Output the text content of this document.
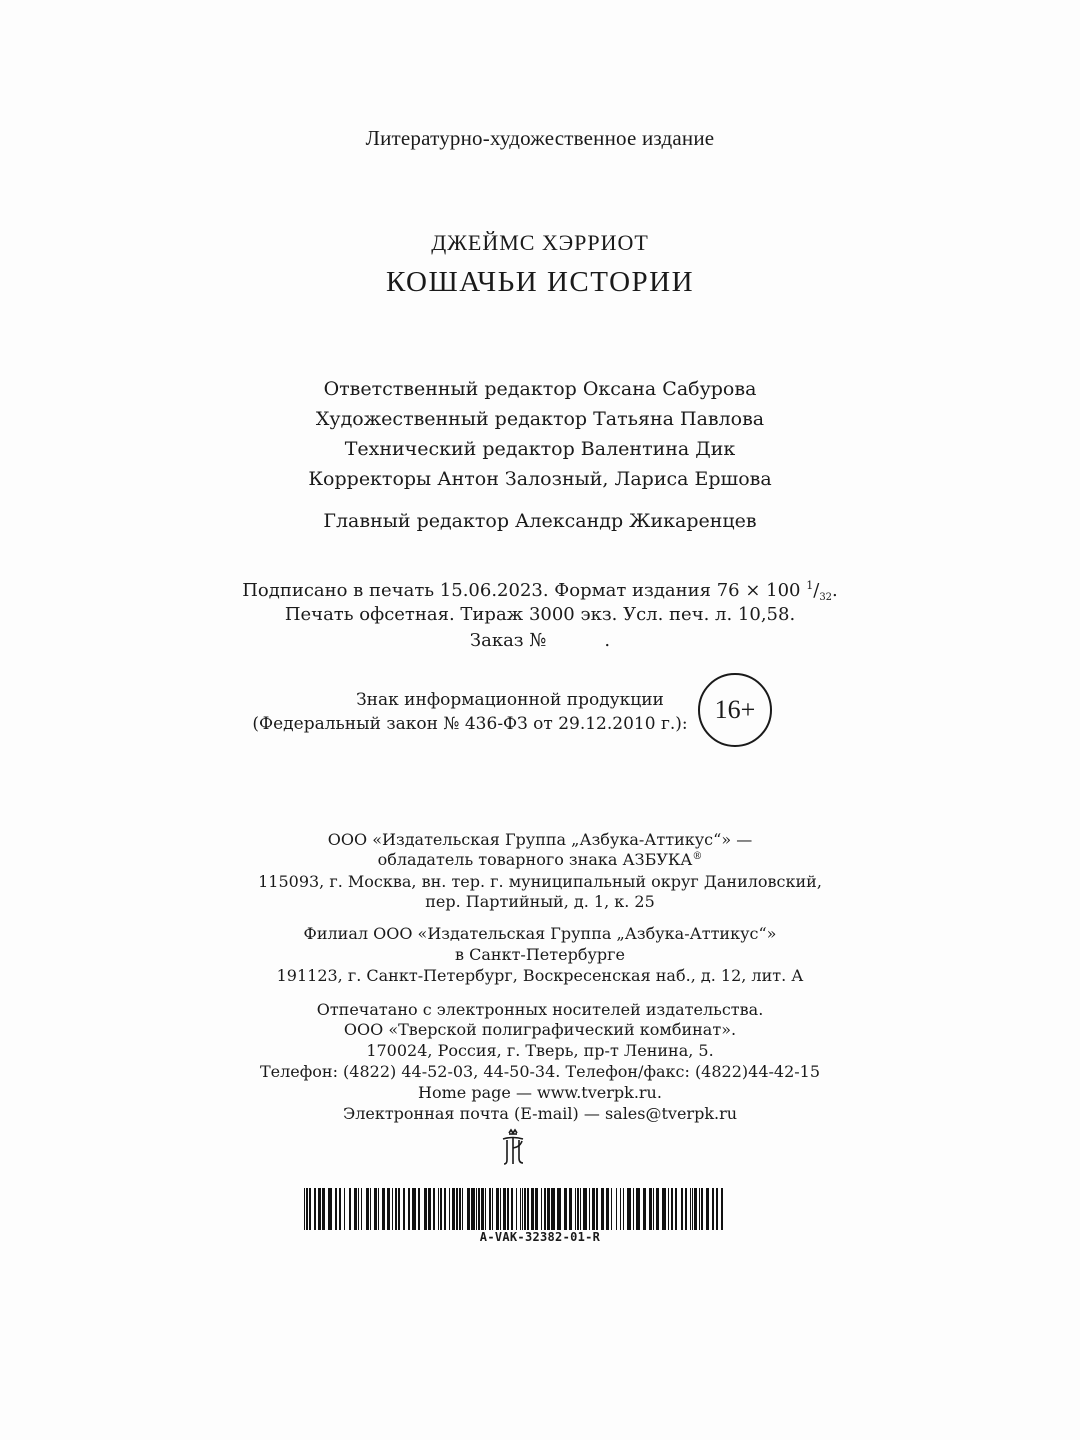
Литературно-художественное издание
ДЖЕЙМС ХЭРРИОТ
КОШАЧЬИ ИСТОРИИ
Ответственный редактор Оксана Сабурова
Художественный редактор Татьяна Павлова
Технический редактор Валентина Дик
Корректоры Антон Залозный, Лариса Ершова
Главный редактор Александр Жикаренцев
Подписано в печать 15.06.2023. Формат издания 76 × 100 $^1/_{32}$.
Печать офсетная. Тираж 3000 экз. Усл. печ. л. 10,58.
Заказ №	.
Знак информационной продукции
(Федеральный закон № 436-ФЗ от 29.12.2010 г.):	16+
ООО «Издательская Группа „Азбука-Аттикус“» —
обладатель товарного знака АЗБУКА®
115093, г. Москва, вн. тер. г. муниципальный округ Даниловский,
пер. Партийный, д. 1, к. 25
Филиал ООО «Издательская Группа „Азбука-Аттикус“»
в Санкт-Петербурге
191123, г. Санкт-Петербург, Воскресенская наб., д. 12, лит. А
Отпечатано с электронных носителей издательства.
ООО «Тверской полиграфический комбинат».
170024, Россия, г. Тверь, пр-т Ленина, 5.
Телефон: (4822) 44-52-03, 44-50-34. Телефон/факс: (4822)44-42-15
Home page — www.tverpk.ru.
Электронная почта (E-mail) — sales@tverpk.ru
A-VAK-32382-01-R
